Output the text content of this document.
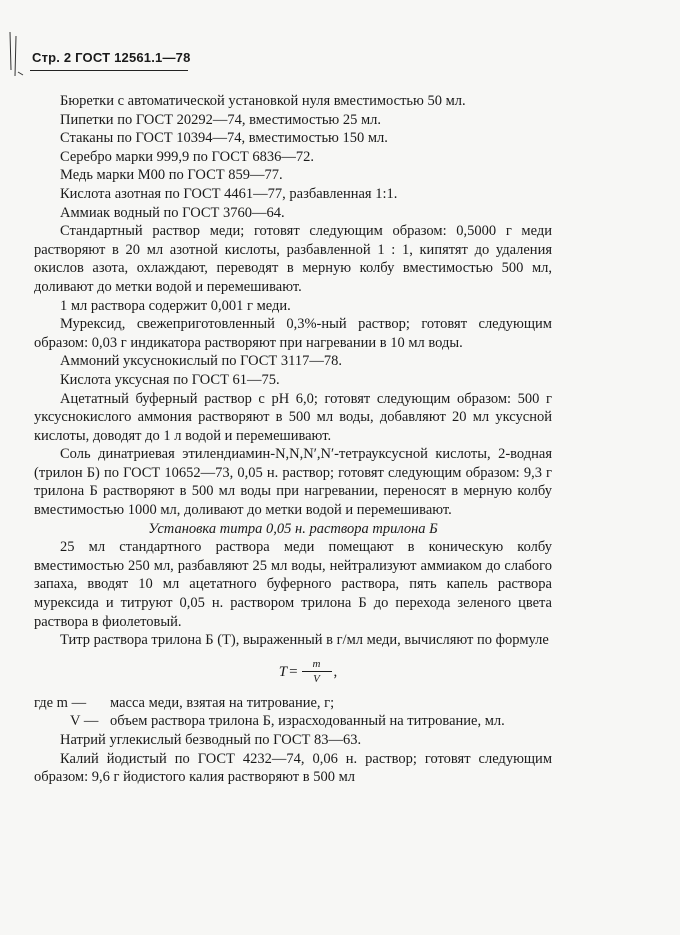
Стр. 2 ГОСТ 12561.1—78

Бюретки с автоматической установкой нуля вместимостью 50 мл.

Пипетки по ГОСТ 20292—74, вместимостью 25 мл.

Стаканы по ГОСТ 10394—74, вместимостью 150 мл.

Серебро марки 999,9 по ГОСТ 6836—72.

Медь марки М00 по ГОСТ 859—77.

Кислота азотная по ГОСТ 4461—77, разбавленная 1:1.

Аммиак водный по ГОСТ 3760—64.

Стандартный раствор меди; готовят следующим образом: 0,5000 г меди растворяют в 20 мл азотной кислоты, разбавленной 1 : 1, кипятят до удаления окислов азота, охлаждают, переводят в мерную колбу вместимостью 500 мл, доливают до метки водой и перемешивают.

1 мл раствора содержит 0,001 г меди.

Мурексид, свежеприготовленный 0,3%-ный раствор; готовят следующим образом: 0,03 г индикатора растворяют при нагревании в 10 мл воды.

Аммоний уксуснокислый по ГОСТ 3117—78.

Кислота уксусная по ГОСТ 61—75.

Ацетатный буферный раствор с рН 6,0; готовят следующим образом: 500 г уксуснокислого аммония растворяют в 500 мл воды, добавляют 20 мл уксусной кислоты, доводят до 1 л водой и перемешивают.

Соль динатриевая этилендиамин-N,N,N′,N′-тетрауксусной кислоты, 2-водная (трилон Б) по ГОСТ 10652—73, 0,05 н. раствор; готовят следующим образом: 9,3 г трилона Б растворяют в 500 мл воды при нагревании, переносят в мерную колбу вместимостью 1000 мл, доливают до метки водой и перемешивают.

Установка титра 0,05 н. раствора трилона Б

25 мл стандартного раствора меди помещают в коническую колбу вместимостью 250 мл, разбавляют 25 мл воды, нейтрализуют аммиаком до слабого запаха, вводят 10 мл ацетатного буферного раствора, пять капель раствора мурексида и титруют 0,05 н. раствором трилона Б до перехода зеленого цвета раствора в фиолетовый.

Титр раствора трилона Б (Т), выраженный в г/мл меди, вычисляют по формуле

$T = \frac{m}{V}$ ,
где m —	масса меди, взятая на титрование, г;
V — объем раствора трилона Б, израсходованный на титрование, мл.

Натрий углекислый безводный по ГОСТ 83—63.

Калий йодистый по ГОСТ 4232—74, 0,06 н. раствор; готовят следующим образом: 9,6 г йодистого калия растворяют в 500 мл
